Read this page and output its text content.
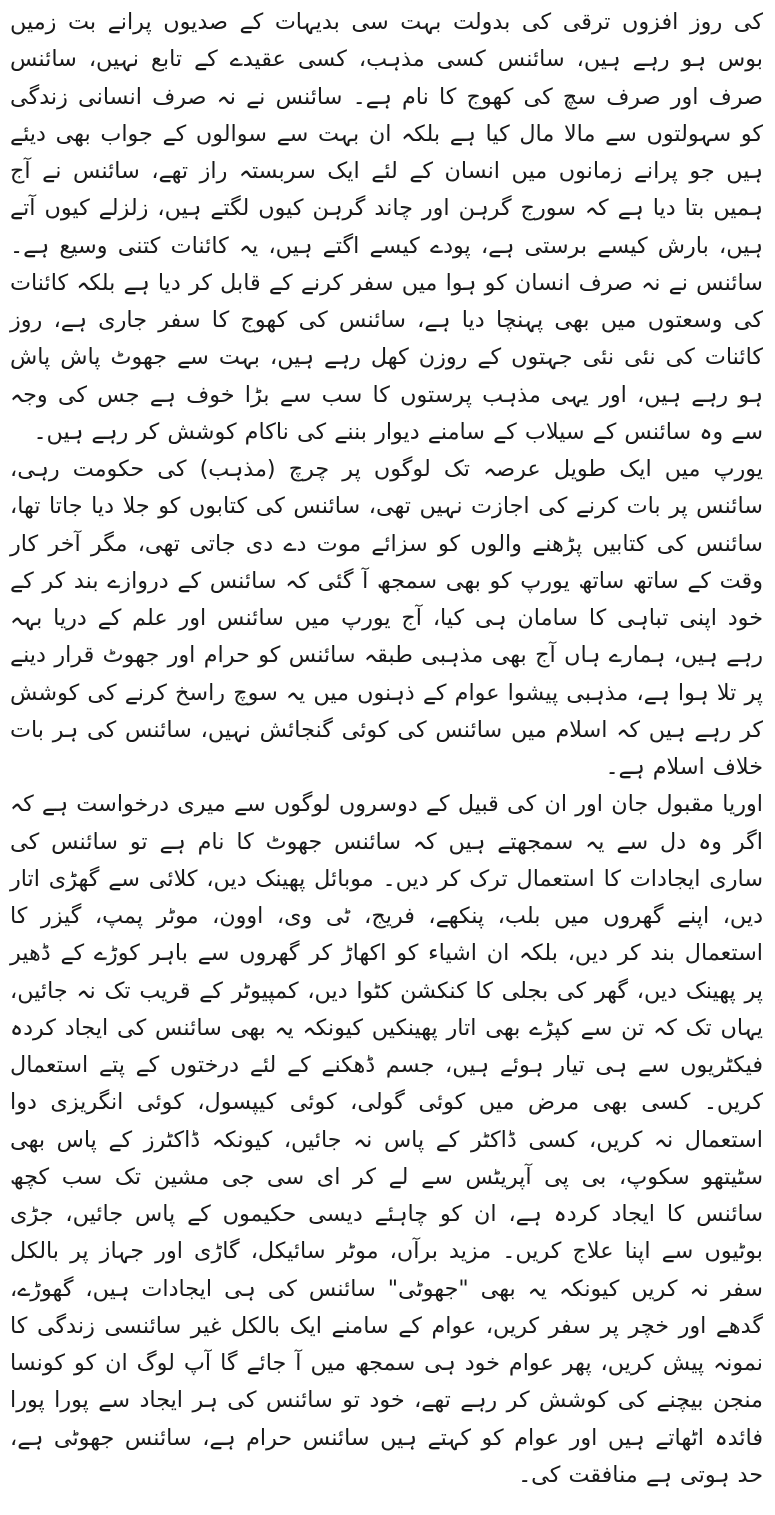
کی روز افزوں ترقی کی بدولت بہت سی بدیہات کے صدیوں پرانے بت زمیں بوس ہو رہے ہیں، سائنس کسی مذہب، کسی عقیدے کے تابع نہیں، سائنس صرف اور صرف سچ کی کھوج کا نام ہے۔ سائنس نے نہ صرف انسانی زندگی کو سہولتوں سے مالا مال کیا ہے بلکہ ان بہت سے سوالوں کے جواب بھی دیئے ہیں جو پرانے زمانوں میں انسان کے لئے ایک سربستہ راز تھے، سائنس نے آج ہمیں بتا دیا ہے کہ سورج گرہن اور چاند گرہن کیوں لگتے ہیں، زلزلے کیوں آتے ہیں، بارش کیسے برستی ہے، پودے کیسے اگتے ہیں، یہ کائنات کتنی وسیع ہے۔ سائنس نے نہ صرف انسان کو ہوا میں سفر کرنے کے قابل کر دیا ہے بلکہ کائنات کی وسعتوں میں بھی پہنچا دیا ہے، سائنس کی کھوج کا سفر جاری ہے، روز کائنات کی نئی نئی جہتوں کے روزن کھل رہے ہیں، بہت سے جھوٹ پاش پاش ہو رہے ہیں، اور یہی مذہب پرستوں کا سب سے بڑا خوف ہے جس کی وجہ سے وہ سائنس کے سیلاب کے سامنے دیوار بننے کی ناکام کوشش کر رہے ہیں۔

یورپ میں ایک طویل عرصہ تک لوگوں پر چرچ (مذہب) کی حکومت رہی، سائنس پر بات کرنے کی اجازت نہیں تھی، سائنس کی کتابوں کو جلا دیا جاتا تھا، سائنس کی کتابیں پڑھنے والوں کو سزائے موت دے دی جاتی تھی، مگر آخر کار وقت کے ساتھ ساتھ یورپ کو بھی سمجھ آ گئی کہ سائنس کے دروازے بند کر کے خود اپنی تباہی کا سامان ہی کیا، آج یورپ میں سائنس اور علم کے دریا بہہ رہے ہیں، ہمارے ہاں آج بھی مذہبی طبقہ سائنس کو حرام اور جھوٹ قرار دینے پر تلا ہوا ہے، مذہبی پیشوا عوام کے ذہنوں میں یہ سوچ راسخ کرنے کی کوشش کر رہے ہیں کہ اسلام میں سائنس کی کوئی گنجائش نہیں، سائنس کی ہر بات خلاف اسلام ہے۔

اوریا مقبول جان اور ان کی قبیل کے دوسروں لوگوں سے میری درخواست ہے کہ اگر وہ دل سے یہ سمجھتے ہیں کہ سائنس جھوٹ کا نام ہے تو سائنس کی ساری ایجادات کا استعمال ترک کر دیں۔ موبائل پھینک دیں، کلائی سے گھڑی اتار دیں، اپنے گھروں میں بلب، پنکھے، فریج، ٹی وی، اوون، موٹر پمپ، گیزر کا استعمال بند کر دیں، بلکہ ان اشیاء کو اکھاڑ کر گھروں سے باہر کوڑے کے ڈھیر پر پھینک دیں، گھر کی بجلی کا کنکشن کٹوا دیں، کمپیوٹر کے قریب تک نہ جائیں، یہاں تک کہ تن سے کپڑے بھی اتار پھینکیں کیونکہ یہ بھی سائنس کی ایجاد کردہ فیکٹریوں سے ہی تیار ہوئے ہیں، جسم ڈھکنے کے لئے درختوں کے پتے استعمال کریں۔ کسی بھی مرض میں کوئی گولی، کوئی کیپسول، کوئی انگریزی دوا استعمال نہ کریں، کسی ڈاکٹر کے پاس نہ جائیں، کیونکہ ڈاکٹرز کے پاس بھی سٹیتھو سکوپ، بی پی آپریٹس سے لے کر ای سی جی مشین تک سب کچھ سائنس کا ایجاد کردہ ہے، ان کو چاہئے دیسی حکیموں کے پاس جائیں، جڑی بوٹیوں سے اپنا علاج کریں۔ مزید برآں، موٹر سائیکل، گاڑی اور جہاز پر بالکل سفر نہ کریں کیونکہ یہ بھی "جھوٹی" سائنس کی ہی ایجادات ہیں، گھوڑے، گدھے اور خچر پر سفر کریں، عوام کے سامنے ایک بالکل غیر سائنسی زندگی کا نمونہ پیش کریں، پھر عوام خود ہی سمجھ میں آ جائے گا آپ لوگ ان کو کونسا منجن بیچنے کی کوشش کر رہے تھے، خود تو سائنس کی ہر ایجاد سے پورا پورا فائدہ اٹھاتے ہیں اور عوام کو کہتے ہیں سائنس حرام ہے، سائنس جھوٹی ہے، حد ہوتی ہے منافقت کی۔
